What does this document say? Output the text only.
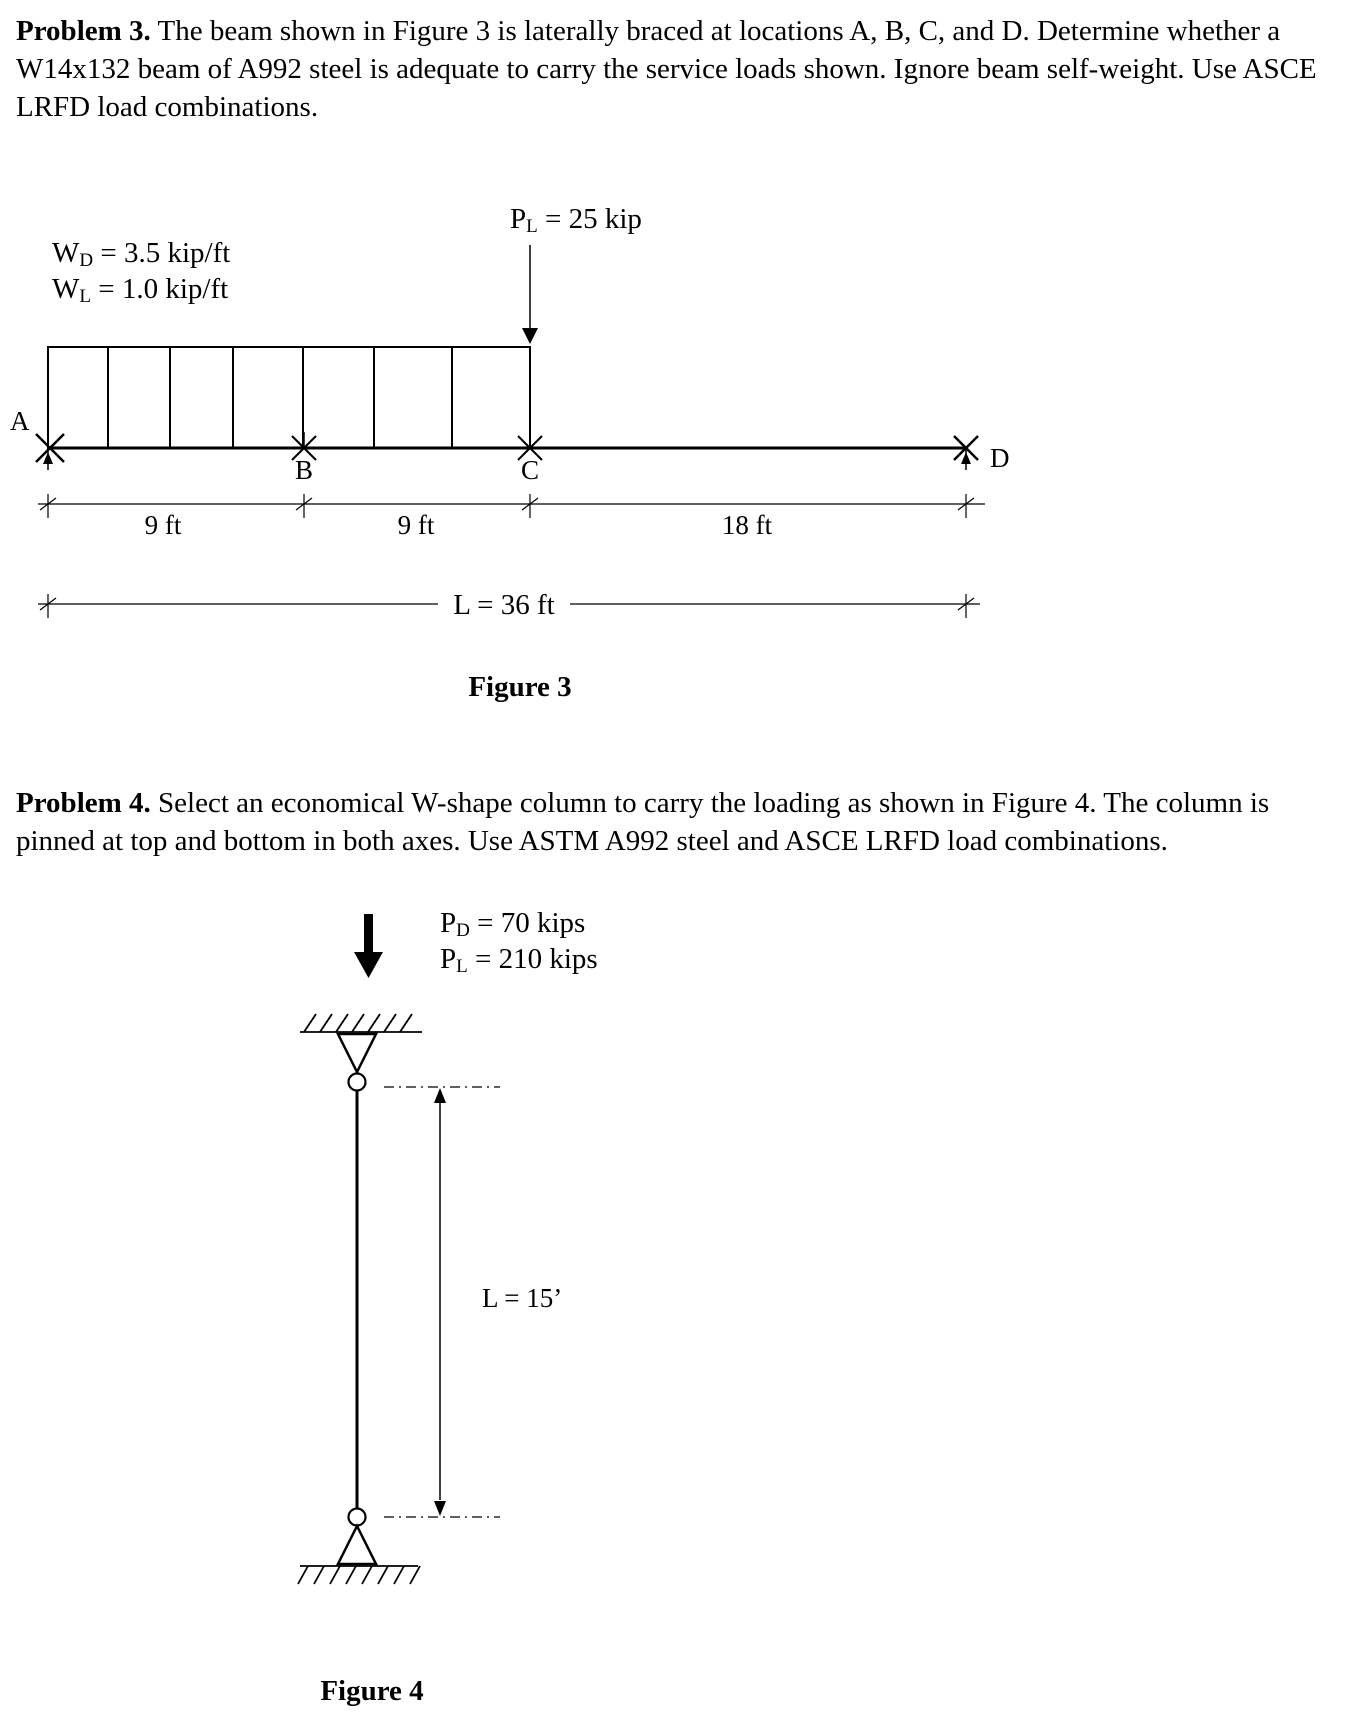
Problem 3. The beam shown in Figure 3 is laterally braced at locations A, B, C, and D. Determine whether a W14x132 beam of A992 steel is adequate to carry the service loads shown. Ignore beam self-weight. Use ASCE LRFD load combinations.

PL = 25 kip
WD = 3.5 kip/ft
WL = 1.0 kip/ft
A
B	C	D
9 ft	9 ft	18 ft
L = 36 ft
Figure 3

Problem 4. Select an economical W-shape column to carry the loading as shown in Figure 4. The column is pinned at top and bottom in both axes. Use ASTM A992 steel and ASCE LRFD load combinations.

PD = 70 kips
PL = 210 kips
L = 15’
Figure 4
